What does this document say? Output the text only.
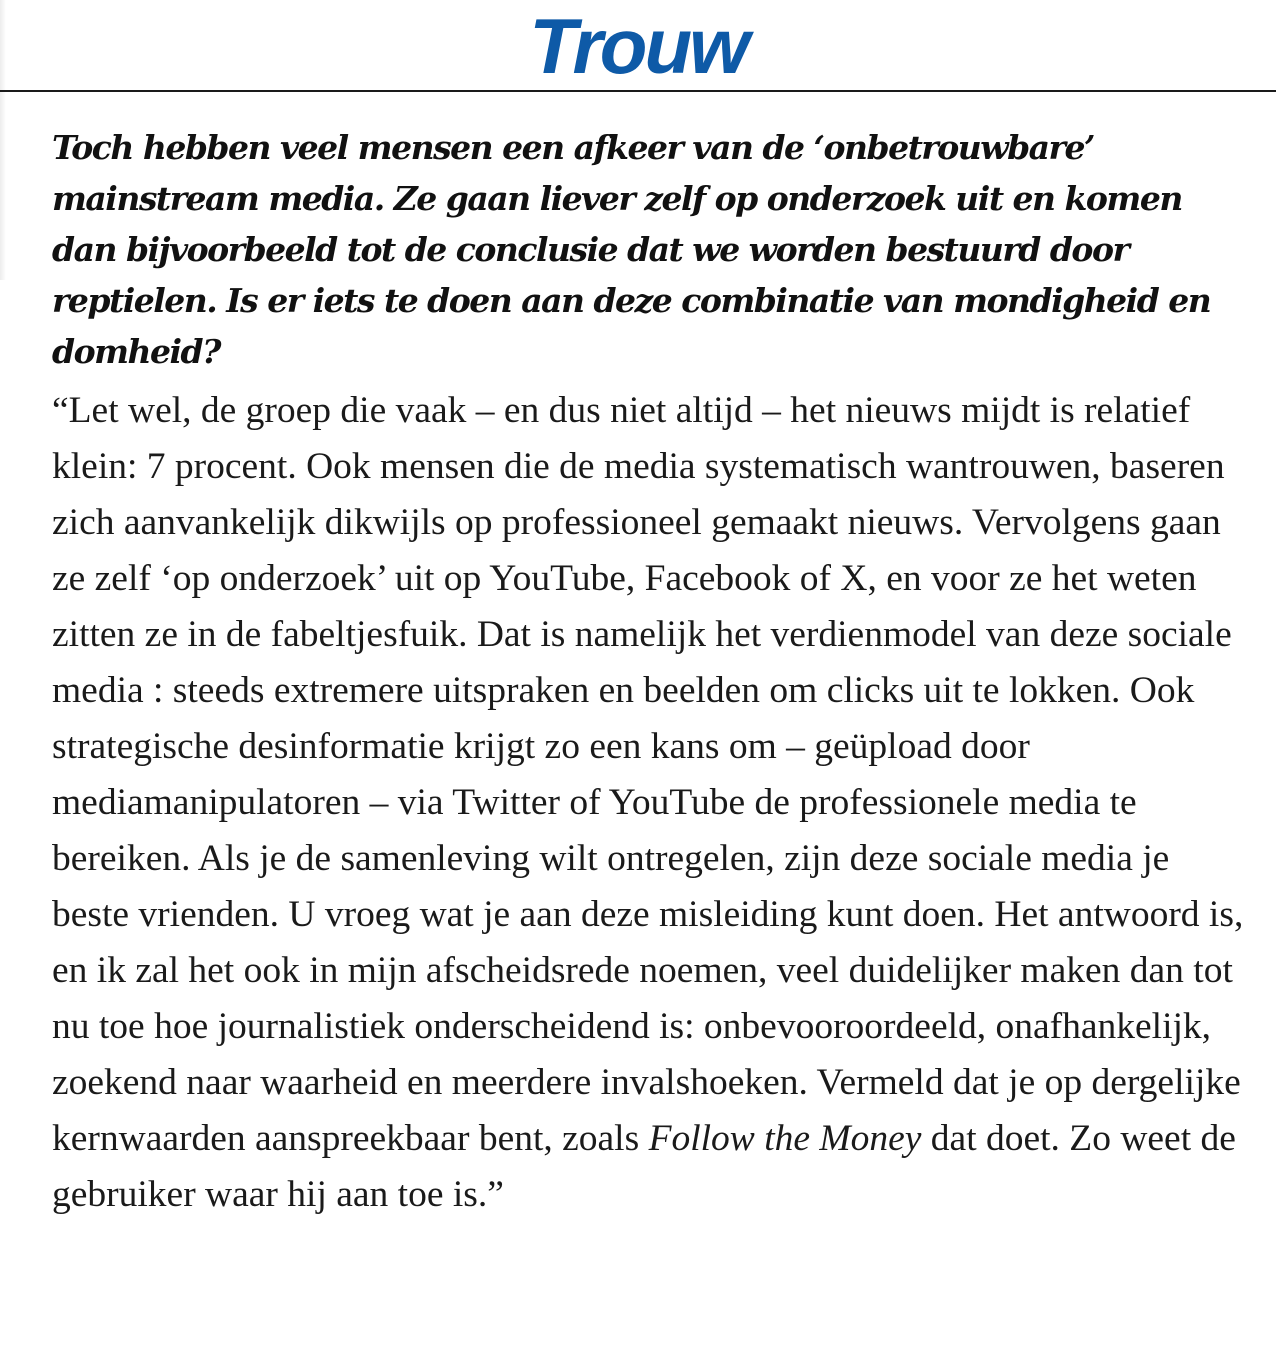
Trouw

Toch hebben veel mensen een afkeer van de ‘onbetrouwbare’ mainstream media. Ze gaan liever zelf op onderzoek uit en komen dan bijvoorbeeld tot de conclusie dat we worden bestuurd door reptielen. Is er iets te doen aan deze combinatie van mondigheid en domheid?

“Let wel, de groep die vaak – en dus niet altijd – het nieuws mijdt is relatief klein: 7 procent. Ook mensen die de media systematisch wantrouwen, baseren zich aanvankelijk dikwijls op professioneel gemaakt nieuws. Vervolgens gaan ze zelf ‘op onderzoek’ uit op YouTube, Facebook of X, en voor ze het weten zitten ze in de fabeltjesfuik. Dat is namelijk het verdienmodel van deze sociale media : steeds extremere uitspraken en beelden om clicks uit te lokken. Ook strategische desinformatie krijgt zo een kans om – geüpload door mediamanipulatoren – via Twitter of YouTube de professionele media te bereiken. Als je de samenleving wilt ontregelen, zijn deze sociale media je beste vrienden. U vroeg wat je aan deze misleiding kunt doen. Het antwoord is, en ik zal het ook in mijn afscheidsrede noemen, veel duidelijker maken dan tot nu toe hoe journalistiek onderscheidend is: onbevooroordeeld, onafhankelijk, zoekend naar waarheid en meerdere invalshoeken. Vermeld dat je op dergelijke kernwaarden aanspreekbaar bent, zoals Follow the Money dat doet. Zo weet de gebruiker waar hij aan toe is.”
